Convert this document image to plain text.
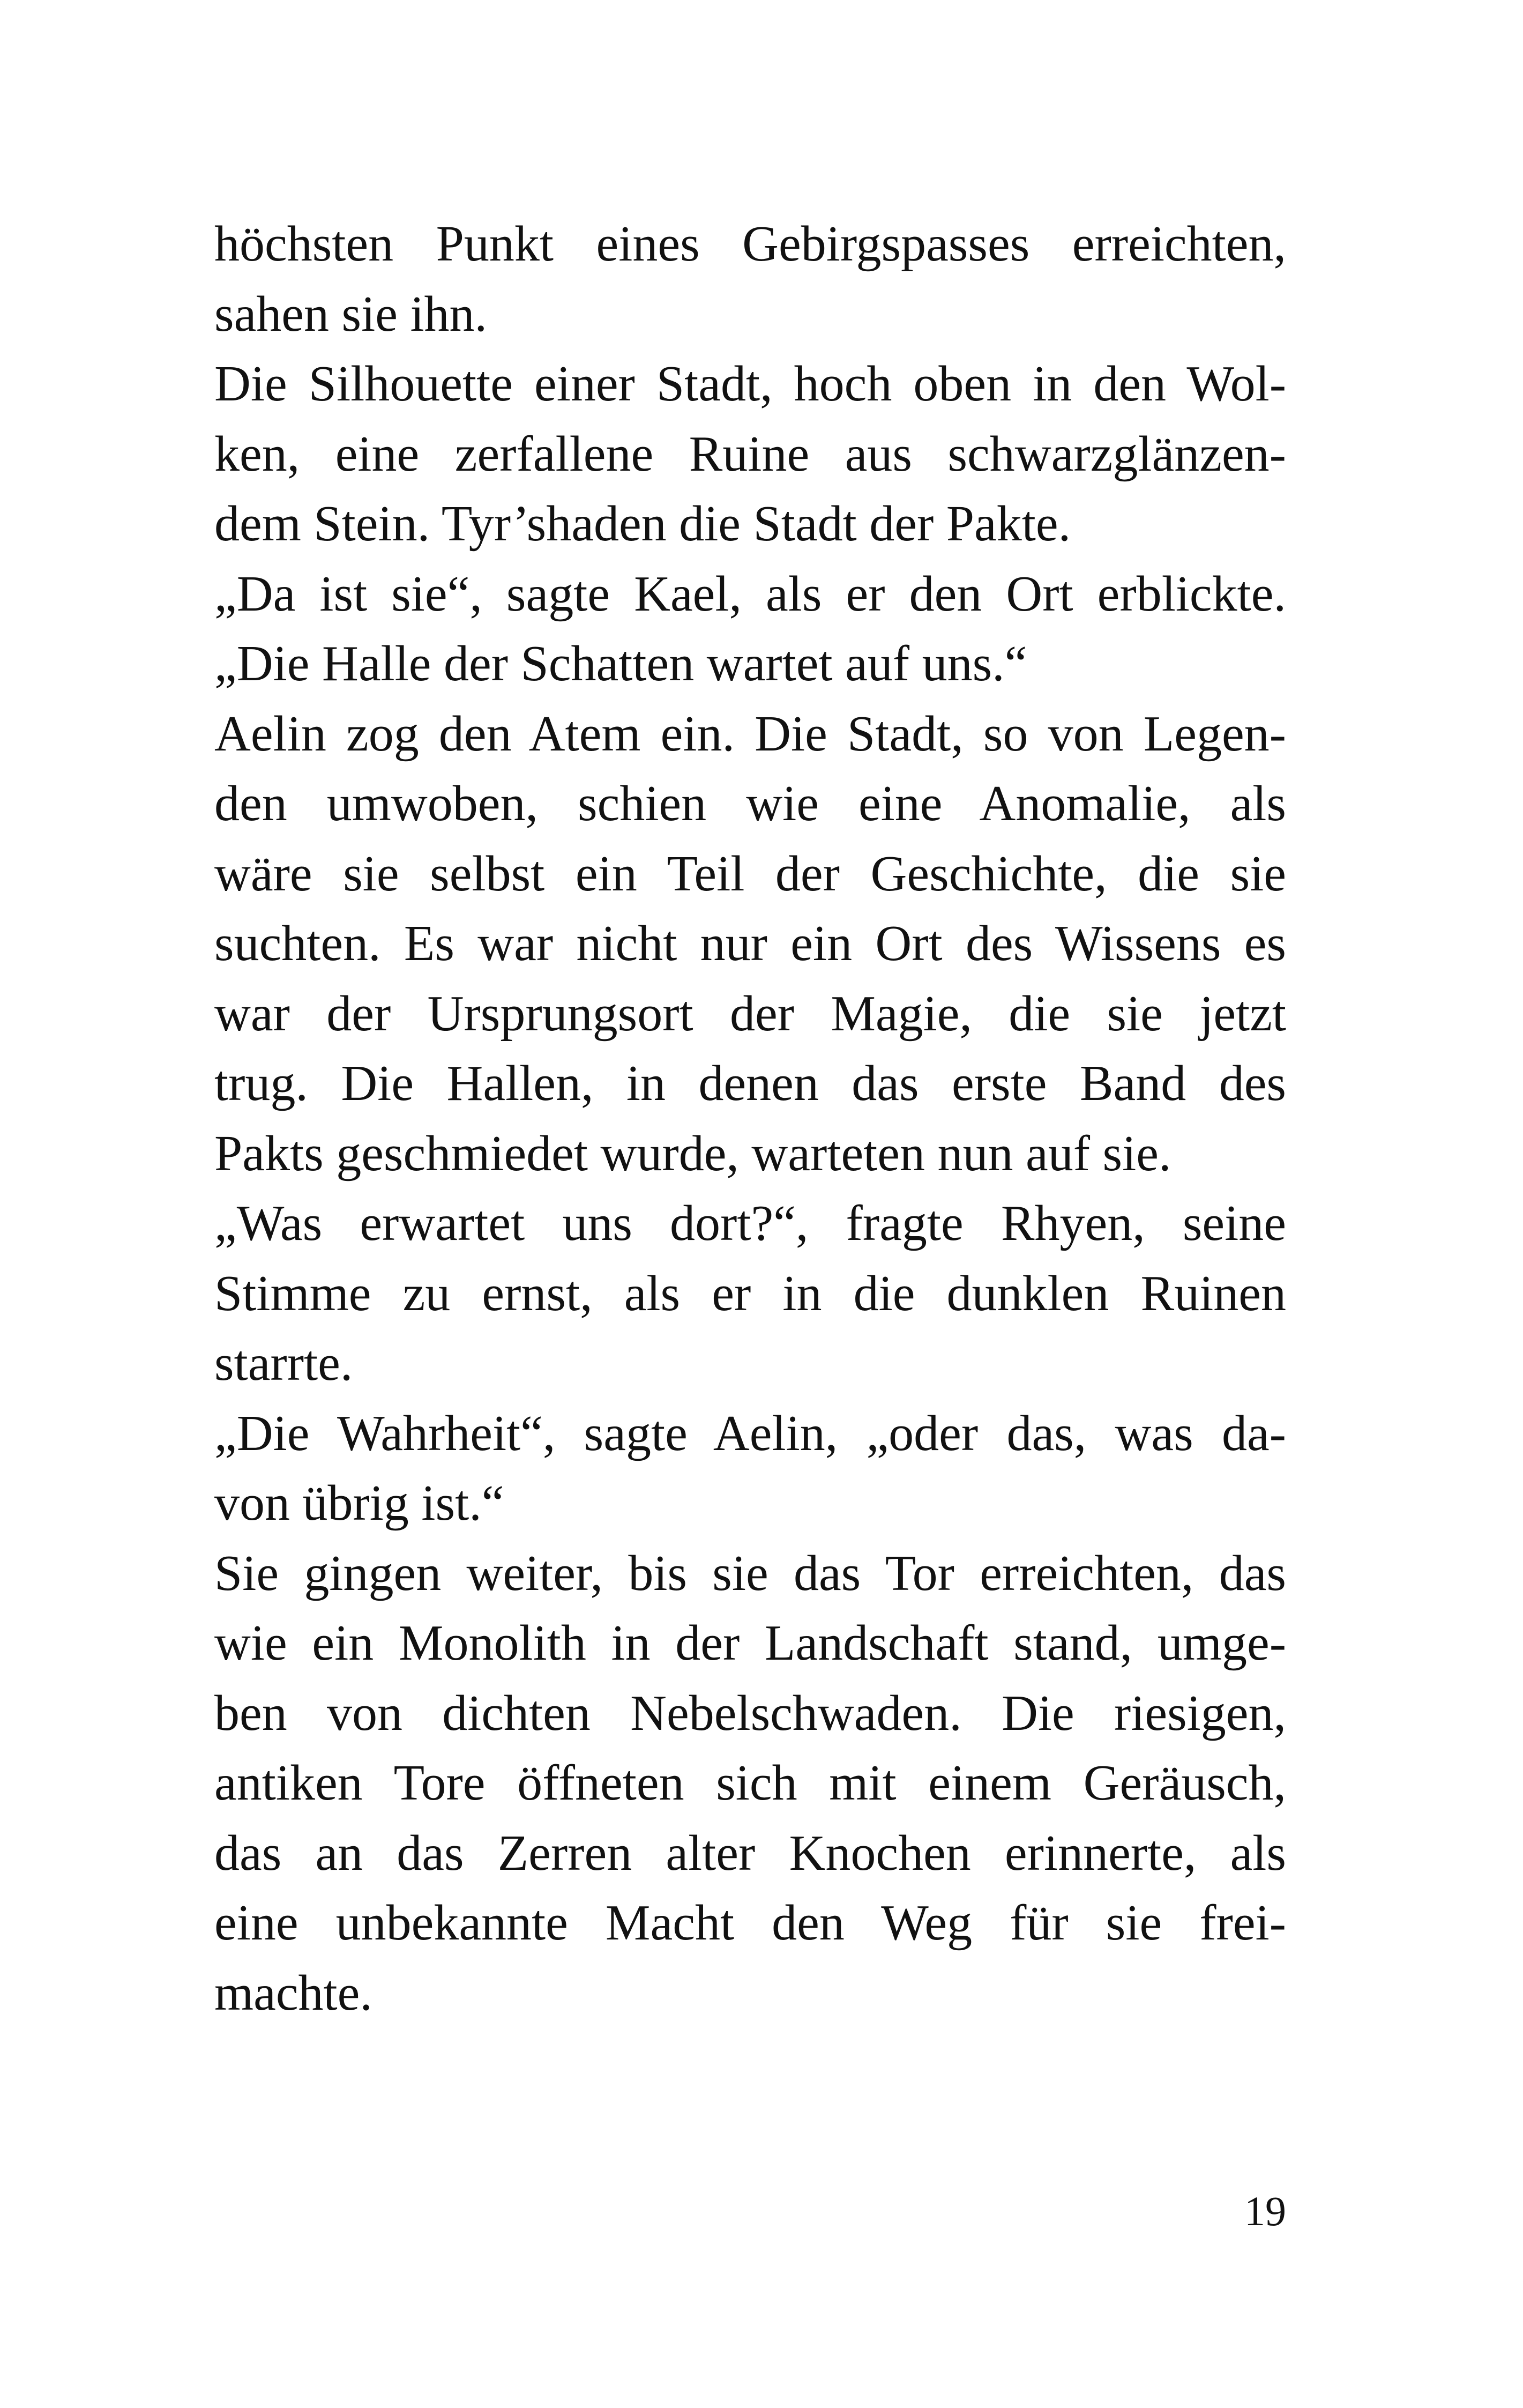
höchsten Punkt eines Gebirgspasses erreichten,
sahen sie ihn.
Die Silhouette einer Stadt, hoch oben in den Wol-
ken, eine zerfallene Ruine aus schwarzglänzen-
dem Stein. Tyr’shaden die Stadt der Pakte.
„Da ist sie“, sagte Kael, als er den Ort erblickte.
„Die Halle der Schatten wartet auf uns.“
Aelin zog den Atem ein. Die Stadt, so von Legen-
den umwoben, schien wie eine Anomalie, als
wäre sie selbst ein Teil der Geschichte, die sie
suchten. Es war nicht nur ein Ort des Wissens es
war der Ursprungsort der Magie, die sie jetzt
trug. Die Hallen, in denen das erste Band des
Pakts geschmiedet wurde, warteten nun auf sie.
„Was erwartet uns dort?“, fragte Rhyen, seine
Stimme zu ernst, als er in die dunklen Ruinen
starrte.
„Die Wahrheit“, sagte Aelin, „oder das, was da-
von übrig ist.“
Sie gingen weiter, bis sie das Tor erreichten, das
wie ein Monolith in der Landschaft stand, umge-
ben von dichten Nebelschwaden. Die riesigen,
antiken Tore öffneten sich mit einem Geräusch,
das an das Zerren alter Knochen erinnerte, als
eine unbekannte Macht den Weg für sie frei-
machte.
19
